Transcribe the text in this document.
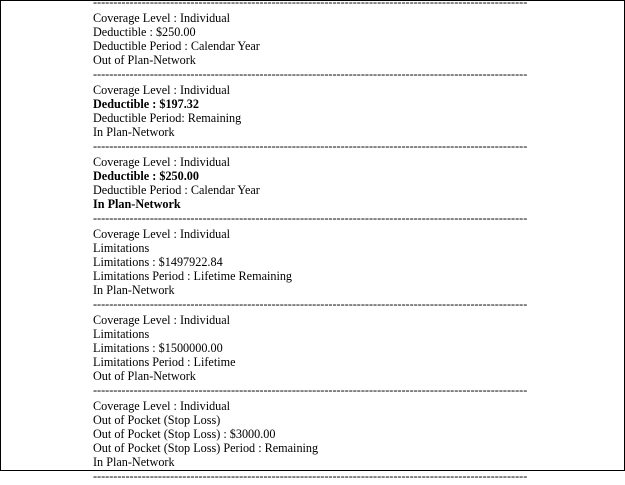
-----------------------------------------------------------------------------------------------------------
Coverage Level : Individual
Deductible : $250.00
Deductible Period : Calendar Year
Out of Plan-Network
-----------------------------------------------------------------------------------------------------------
Coverage Level : Individual
Deductible : $197.32
Deductible Period: Remaining
In Plan-Network
-----------------------------------------------------------------------------------------------------------
Coverage Level : Individual
Deductible : $250.00
Deductible Period : Calendar Year
In Plan-Network
-----------------------------------------------------------------------------------------------------------
Coverage Level : Individual
Limitations
Limitations : $1497922.84
Limitations Period : Lifetime Remaining
In Plan-Network
-----------------------------------------------------------------------------------------------------------
Coverage Level : Individual
Limitations
Limitations : $1500000.00
Limitations Period : Lifetime
Out of Plan-Network
-----------------------------------------------------------------------------------------------------------
Coverage Level : Individual
Out of Pocket (Stop Loss)
Out of Pocket (Stop Loss) : $3000.00
Out of Pocket (Stop Loss) Period : Remaining
In Plan-Network
-----------------------------------------------------------------------------------------------------------
